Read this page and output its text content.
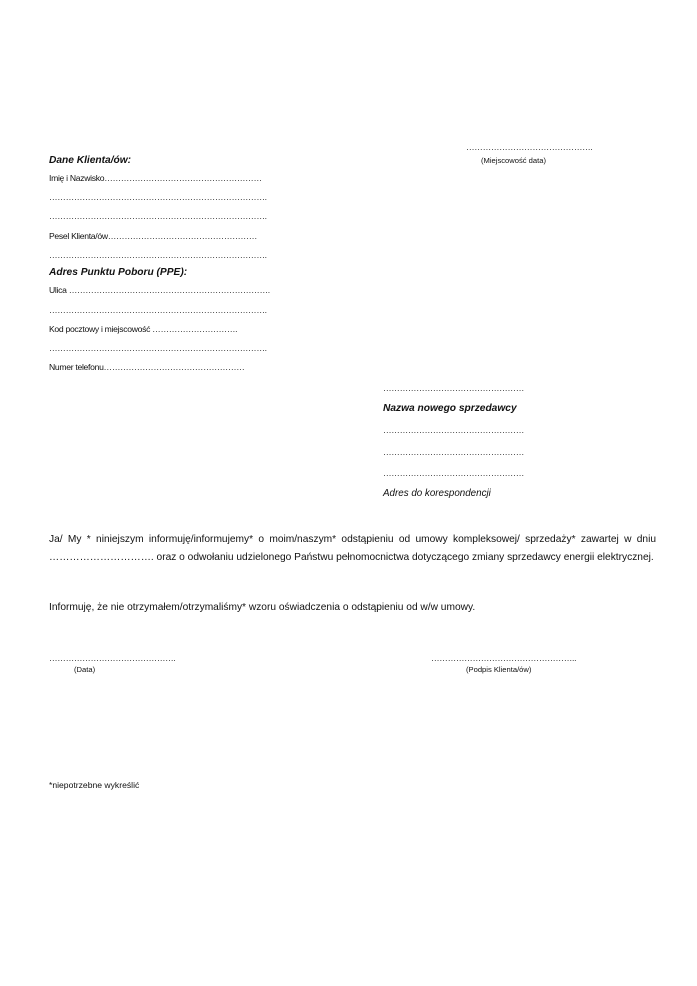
……………………………………….
(Miejscowość data)
Dane Klienta/ów:
Imię i Nazwisko…………………………………………………
…………………………………………………………………….
…………………………………………………………………….
Pesel Klienta/ów………………………………………………
…………………………………………………………………….
Adres Punktu Poboru (PPE):
Ulica ……………………………………………………………….
…………………………………………………………………….
Kod pocztowy i miejscowość ………………………….
…………………………………………………………………….
Numer telefonu……………………………………………
……………………………………………
Nazwa nowego sprzedawcy
……………………………………………
……………………………………………
……………………………………………
Adres do korespondencji
Ja/ My * niniejszym informuję/informujemy* o moim/naszym* odstąpieniu od umowy kompleksowej/ sprzedaży* zawartej w dniu …………………………. oraz o odwołaniu udzielonego Państwu pełnomocnictwa dotyczącego zmiany sprzedawcy energii elektrycznej.
Informuję, że nie otrzymałem/otrzymaliśmy* wzoru oświadczenia o odstąpieniu od w/w umowy.
……………………………………….
(Data)
……………………………………………..
(Podpis Klienta/ów)
*niepotrzebne wykreślić
